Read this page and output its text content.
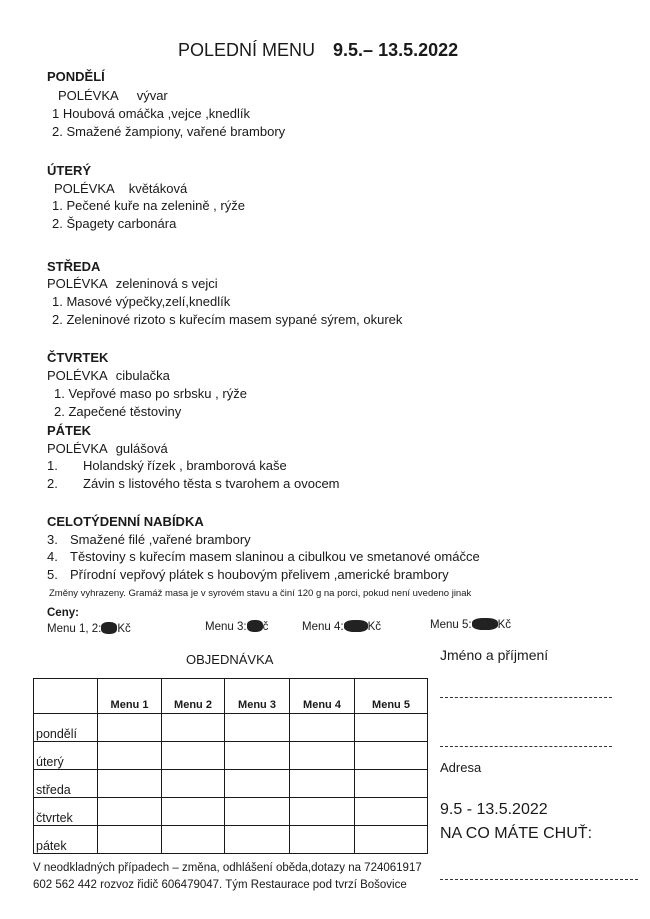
POLEDNÍ MENU 9.5.– 13.5.2022
PONDĚLÍ
POLÉVKA vývar
1 Houbová omáčka ,vejce ,knedlík
2. Smažené žampiony, vařené brambory
ÚTERÝ
POLÉVKA květáková
1. Pečené kuře na zelenině , rýže
2. Špagety carbonára
STŘEDA
POLÉVKA zeleninová s vejci
1. Masové výpečky,zelí,knedlík
2. Zeleninové rizoto s kuřecím masem sypané sýrem, okurek
ČTVRTEK
POLÉVKA cibulačka
1. Vepřové maso po srbsku , rýže
2. Zapečené těstoviny
PÁTEK
POLÉVKA gulášová
1. Holandský řízek , bramborová kaše
2. Závin s listového těsta s tvarohem a ovocem
CELOTÝDENNÍ NABÍDKA
3. Smažené filé ,vařené brambory
4. Těstoviny s kuřecím masem slaninou a cibulkou ve smetanové omáčce
5. Přírodní vepřový plátek s houbovým přelivem ,americké brambory
Změny vyhrazeny. Gramáž masa je v syrovém stavu a činí 120 g na porci, pokud není uvedeno jinak
Ceny:
Menu 1, 2: Kč	Menu 3: č	Menu 4: Kč	Menu 5: Kč
OBJEDNÁVKA
	Menu 1	Menu 2	Menu 3	Menu 4	Menu 5
pondělí					
úterý					
středa					
čtvrtek					
pátek					
Jméno a příjmení
Adresa
9.5 - 13.5.2022
NA CO MÁTE CHUŤ:
V neodkladných případech – změna, odhlášení oběda,dotazy na 724061917
602 562 442 rozvoz řidič 606479047. Tým Restaurace pod tvrzí Bošovice
